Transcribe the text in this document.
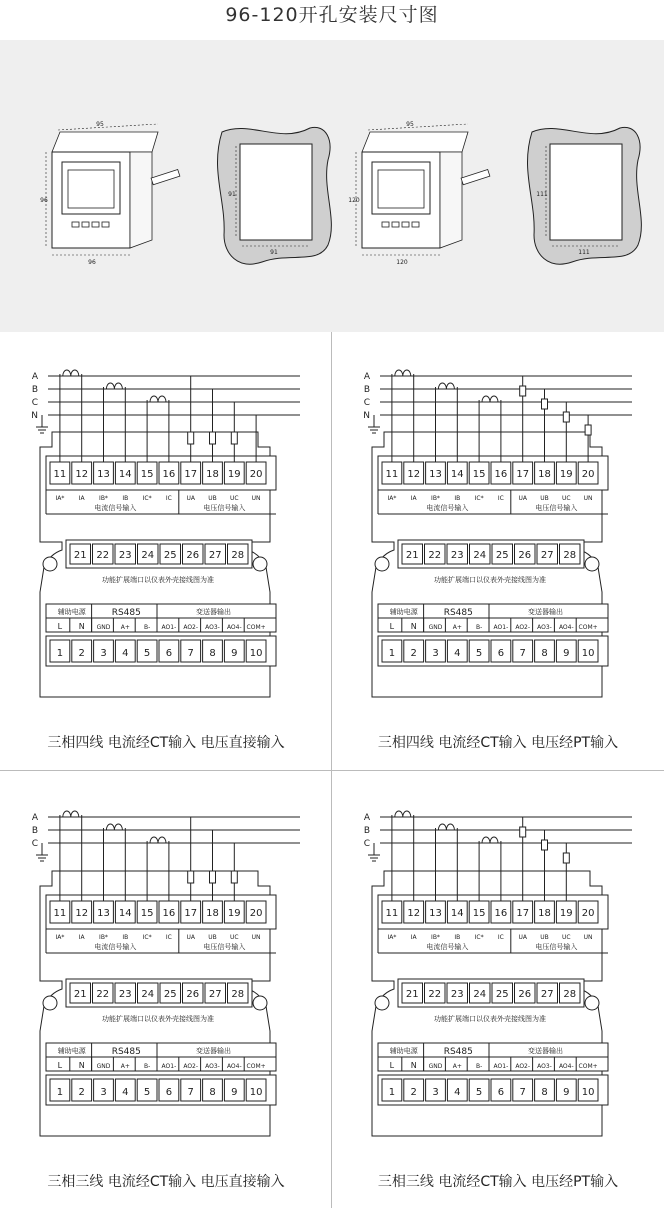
96-120开孔安装尺寸图
95
96
96
91
91
95
120
120
111
111
A
B
C
N
11
IA*
12
IA
13
IB*
14
IB
15
IC*
16
IC
17
UA
18
UB
19
UC
20
UN
电流信号输入	电压信号输入
21 22 23 24 25 26 27 28
功能扩展端口以仪表外壳接线图为准
辅助电源	RS485	变送器输出
L N GND A+ B- AO1- AO2- AO3- AO4- COM+
1 2 3 4 5 6 7 8 9 10
三相四线 电流经CT输入 电压直接输入
A
B
C
N
11
IA*
12
IA
13
IB*
14
IB
15
IC*
16
IC
17
UA
18
UB
19
UC
20
UN
电流信号输入	电压信号输入
21 22 23 24 25 26 27 28
功能扩展端口以仪表外壳接线图为准
辅助电源	RS485	变送器输出
L N GND A+ B- AO1- AO2- AO3- AO4- COM+
1 2 3 4 5 6 7 8 9 10
三相四线 电流经CT输入 电压经PT输入
A
B
C
11
IA*
12
IA
13
IB*
14
IB
15
IC*
16
IC
17
UA
18
UB
19
UC
20
UN
电流信号输入	电压信号输入
21 22 23 24 25 26 27 28
功能扩展端口以仪表外壳接线图为准
辅助电源	RS485	变送器输出
L N GND A+ B- AO1- AO2- AO3- AO4- COM+
1 2 3 4 5 6 7 8 9 10
三相三线 电流经CT输入 电压直接输入
A
B
C
11
IA*
12
IA
13
IB*
14
IB
15
IC*
16
IC
17
UA
18
UB
19
UC
20
UN
电流信号输入	电压信号输入
21 22 23 24 25 26 27 28
功能扩展端口以仪表外壳接线图为准
辅助电源	RS485	变送器输出
L N GND A+ B- AO1- AO2- AO3- AO4- COM+
1 2 3 4 5 6 7 8 9 10
三相三线 电流经CT输入 电压经PT输入
